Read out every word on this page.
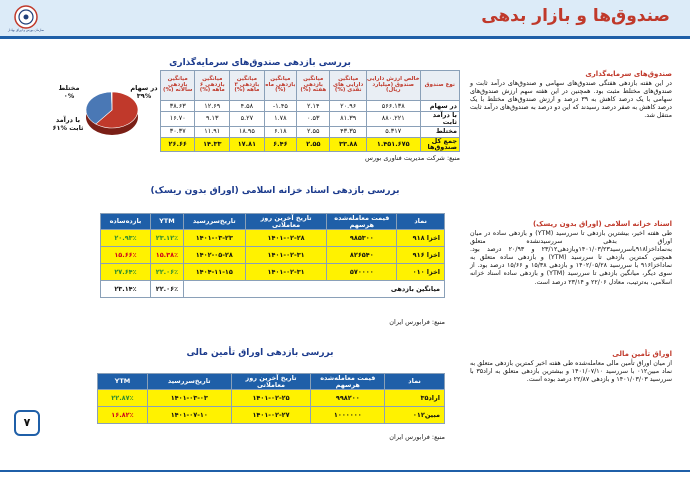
سازمان بورس و اوراق بهادار
صندوق‌ها و بازار بدهی
بررسی بازدهی صندوق‌های سرمایه‌گذاری
نوع صندوق	خالص ارزش دارایی صندوق (میلیارد ریال)	میانگین دارایی های نقدی (%)	میانگین بازدهی هفته (%)	میانگین بازدهی ماه (%)	میانگین بازدهی ۳ ماهه (%)	میانگین بازدهی ۶ ماهه (%)	میانگین بازدهی سالانه (%)
در سهام	۵۶۶.۱۳۸	۲۰.۹۶	۲.۱۴	۱.۴۵-	۴.۵۸	۱۲.۶۹	۳۸.۶۳
با درآمد ثابت	۸۸۰.۲۲۱	۸۱.۳۹	۰.۵۳	۱.۷۸	۵.۲۷	۹.۱۳	۱۶.۷۰
مختلط	۵.۳۱۷	۴۳.۳۵	۲.۵۵	۶.۱۸	۱۸.۹۵	۱۱.۹۱	۳۰.۳۷
جمع کل صندوق‌ها	۱.۴۵۱.۶۷۵	۳۳.۸۸	۲.۵۵	۶.۴۶	۱۷.۸۱	۱۴.۳۳	۲۶.۶۶
منبع: شرکت مدیریت فناوری بورس
در سهام %۳۹
مختلط %۰
با درآمد ثابت %۶۱
بررسی بازدهی اسناد خزانه اسلامی (اوراق بدون ریسک)
نماد	قیمت معامله‌شده هرسهم	تاریخ آخرین روز معاملاتی	تاریخ‌سررسید	YTM	بازده‌ساده
اخزا ۹۱۸	۹۸۵۳۰۰	۱۴۰۱-۰۲-۲۸	۱۴۰۱-۰۳-۲۳	۲۳.۱۲٪	۲۰.۹۳٪
اخزا ۹۱۶	۸۲۶۵۴۰	۱۴۰۱-۰۲-۳۱	۱۴۰۲-۰۵-۲۸	۱۵.۳۸٪	۱۵.۶۶٪
اخزا ۰۱۰	۵۷۰۰۰۰	۱۴۰۱-۰۲-۳۱	۱۴۰۴-۱۱-۱۵	۲۲.۰۶٪	۲۷.۶۴٪
میانگین بازدهی				۲۲.۰۶٪	۲۳.۱۴٪
منبع: فرابورس ایران
بررسی بازدهی اوراق تأمین مالی
نماد	قیمت معامله‌شده هرسهم	تاریخ آخرین روز معاملاتی	تاریخ‌سررسید	YTM
اراد۳۵	۹۹۸۲۰۰	۱۴۰۱-۰۲-۲۵	۱۴۰۱-۰۳-۰۳	۲۲.۸۷٪
مبین۰۱۲	۱۰۰۰۰۰۰	۱۴۰۱-۰۲-۲۷	۱۴۰۱-۰۷-۱۰	۱۶.۸۲٪
منبع: فرابورس ایران
صندوق‌های سرمایه‌گذاری
در این هفته بازدهی هفتگی صندوق‌های سهامی و صندوق‌های درآمد ثابت و صندوق‌های مختلط مثبت بود. همچنین در این هفته سهم ارزش صندوق‌های سهامی با یک درصد کاهش به ۳۹ درصد و ارزش صندوق‌های مختلط با یک درصد کاهش به صفر درصد رسیدند که این دو درصد به صندوق‌های درآمد ثابت منتقل شد.
اسناد خزانه اسلامی (اوراق بدون ریسک)
طی هفته اخیر، بیشترین بازدهی تا سررسید (YTM) و بازدهی ساده در میان اوراق بدهی سررسیدنشده متعلق به‌نماداخزا۹۱۸باسررسید۱۴۰۱/۰۳/۲۳وبازدهی۲۳/۱۲ و ۲۰/۹۳ درصد بود. همچنین کمترین بازدهی تا سررسید (YTM) و بازدهی ساده متعلق به نماداخزا۹۱۶ با سررسید ۱۴۰۲/۰۵/۲۸ و بازدهی ۱۵/۳۸ و ۱۵/۶۶ درصد بود. از سوی دیگر، میانگین بازدهی تا سررسید (YTM) و بازدهی ساده اسناد خزانه اسلامی، به‌ترتیب، معادل ۲۲/۰۶ و ۲۳/۱۴ درصد است.
اوراق تأمین مالی
از میان اوراق تأمین مالی معامله‌شده طی هفته اخیر کمترین بازدهی متعلق به نماد مبین۰۱۲ با سررسید ۱۴۰۱/۰۷/۱۰ و بیشترین بازدهی متعلق به اراد۳۵ با سررسید ۱۴۰۱/۰۳/۰۳ و بازدهی ۲۲/۸۷ درصد بوده است.
۷
